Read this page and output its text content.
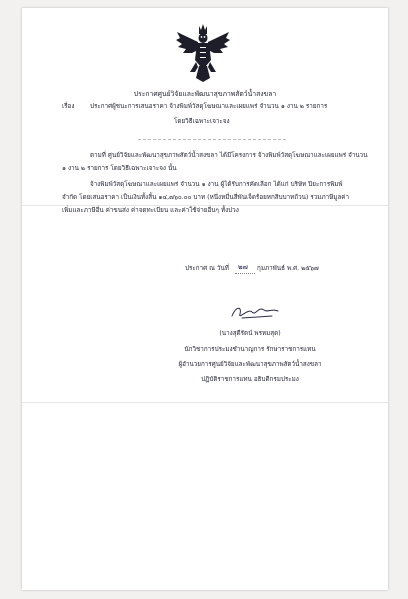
ประกาศศูนย์วิจัยและพัฒนาสุขภาพสัตว์น้ำสงขลา
เรื่อง ประกาศผู้ชนะการเสนอราคา จ้างพิมพ์วัสดุโฆษณาและเผยแพร่ จำนวน ๑ งาน ๒ รายการ
โดยวิธีเฉพาะเจาะจง
ตามที่ ศูนย์วิจัยและพัฒนาสุขภาพสัตว์น้ำสงขลา ได้มีโครงการ จ้างพิมพ์วัสดุโฆษณาและเผยแพร่ จำนวน
๑ งาน ๒ รายการ โดยวิธีเฉพาะเจาะจง นั้น
จ้างพิมพ์วัสดุโฆษณาและเผยแพร่ จำนวน ๑ งาน ผู้ได้รับการคัดเลือก ได้แก่ บริษัท ปิยะการพิมพ์
จำกัด โดยเสนอราคา เป็นเงินทั้งสิ้น ๑๔,๗๖๐.๐๐ บาท (หนึ่งหมื่นสี่พันเจ็ดร้อยหกสิบบาทถ้วน) รวมภาษีมูลค่า
เพิ่มและภาษีอื่น ค่าขนส่ง ค่าจดทะเบียน และค่าใช้จ่ายอื่นๆ ทั้งปวง
ประกาศ ณ วันที่ ๒๗ กุมภาพันธ์ พ.ศ. ๒๕๖๗
(นางสุดีรัตน์ พรหมสุด)
นักวิชาการประมงชำนาญการ รักษาราชการแทน
ผู้อำนวยการศูนย์วิจัยและพัฒนาสุขภาพสัตว์น้ำสงขลา
ปฏิบัติราชการแทน อธิบดีกรมประมง
